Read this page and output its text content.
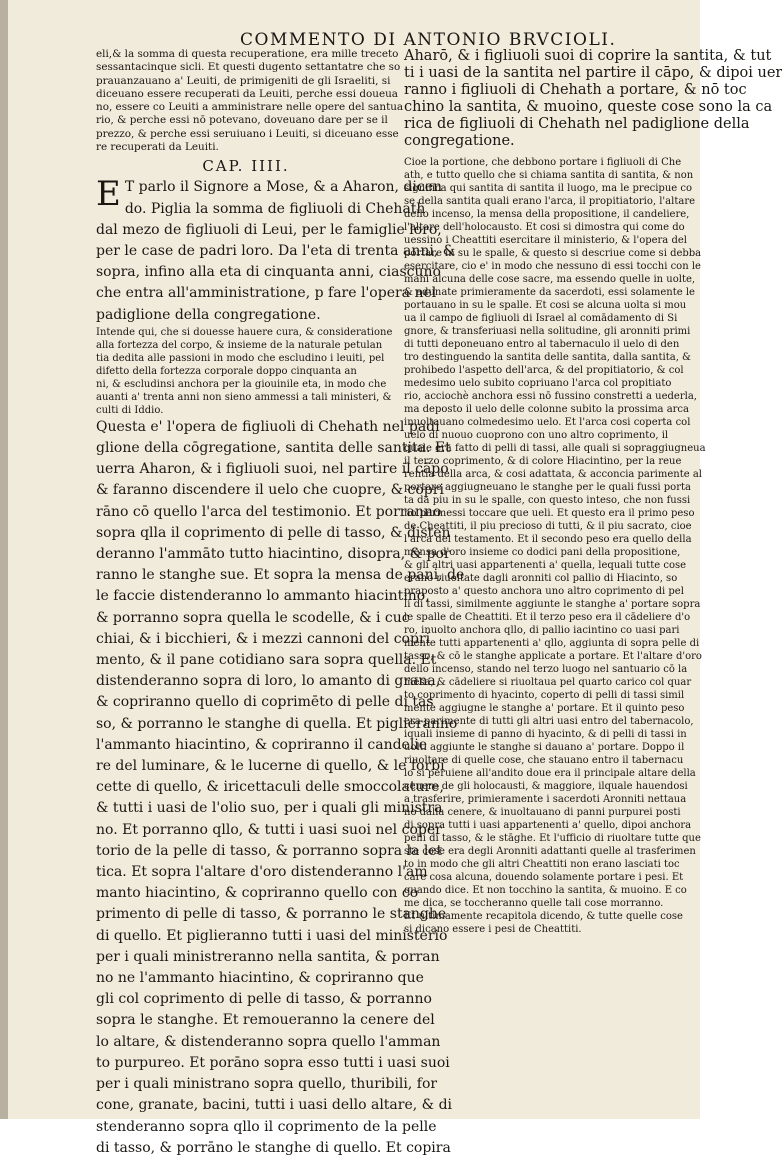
COMMENTO DI ANTONIO BRVCIOLI.
eli,& la somma di questa recuperatione, era mille treceto
sessantacinque sicli. Et questi dugento settantatre che so
prauanzauano a' Leuiti, de primigeniti de gli Israeliti, si
diceuano essere recuperati da Leuiti, perche essi doueua
no, essere co Leuiti a amministrare nelle opere del santua
rio, & perche essi nō potevano, doveuano dare per se il
prezzo, & perche essi seruiuano i Leuiti, si diceuano esse
re recuperati da Leuiti.
CAP. IIII.
E T parlo il Signore a Mose, & a Aharon, dicen
do. Piglia la somma de figliuoli di Chehath
dal mezo de figliuoli di Leui, per le famiglie loro,
per le case de padri loro. Da l'eta di trenta anni, &
sopra, infino alla eta di cinquanta anni, ciascuno
che entra all'amministratione, p fare l'opera nel
padiglione della congregatione.
Intende qui, che si douesse hauere cura, & consideratione
alla fortezza del corpo, & insieme de la naturale petulan
tia dedita alle passioni in modo che escludino i leuiti, pel
difetto della fortezza corporale doppo cinquanta an
ni, & escludinsi anchora per la giouinile eta, in modo che
auanti a' trenta anni non sieno ammessi a tali ministeri, &
culti di Iddio.
Questa e' l'opera de figliuoli di Chehath nel padi
glione della cōgregatione, santita delle santita. Et
uerra Aharon, & i figliuoli suoi, nel partire il cāpo
& faranno discendere il uelo che cuopre, & copri
rāno cō quello l'arca del testimonio. Et porranno
sopra qlla il coprimento di pelle di tasso, & disten
deranno l'ammāto tutto hiacintino, disopra, & por
ranno le stanghe sue. Et sopra la mensa de pani, de
le faccie distenderanno lo ammanto hiacintino,
& porranno sopra quella le scodelle, & i cuc
chiai, & i bicchieri, & i mezzi cannoni del copri
mento, & il pane cotidiano sara sopra quella. Et
distenderanno sopra di loro, lo amanto di grana,
& copriranno quello di coprimēto di pelle di tas
so, & porranno le stanghe di quella. Et piglieranno
l'ammanto hiacintino, & copriranno il candelie
re del luminare, & le lucerne di quello, & le forbi
cette di quello, & iricettaculi delle smoccolature,
& tutti i uasi de l'olio suo, per i quali gli ministra
no. Et porranno qllo, & tutti i uasi suoi nel coper
torio de la pelle di tasso, & porranno sopra la let
tica. Et sopra l'altare d'oro distenderanno l'am
manto hiacintino, & copriranno quello con co
primento di pelle di tasso, & porranno le stanghe
di quello. Et piglieranno tutti i uasi del ministerio
per i quali ministreranno nella santita, & porran
no ne l'ammanto hiacintino, & copriranno que
gli col coprimento di pelle di tasso, & porranno
sopra le stanghe. Et remoueranno la cenere del
lo altare, & distenderanno sopra quello l'amman
to purpureo. Et porāno sopra esso tutti i uasi suoi
per i quali ministrano sopra quello, thuribili, for
cone, granate, bacini, tutti i uasi dello altare, & di
stenderanno sopra qllo il coprimento de la pelle
di tasso, & porrāno le stanghe di quello. Et copira
Aharō, & i figliuoli suoi di coprire la santita, & tut
ti i uasi de la santita nel partire il cāpo, & dipoi uer
ranno i figliuoli di Chehath a portare, & nō toc
chino la santita, & muoino, queste cose sono la ca
rica de figliuoli di Chehath nel padiglione della
congregatione.
Cioe la portione, che debbono portare i figliuoli di Che
ath, e tutto quello che si chiama santita di santita, & non
significa qui santita di santita il luogo, ma le precipue co
se della santita quali erano l'arca, il propitiatorio, l'altare
dello incenso, la mensa della propositione, il candeliere,
l'altare dell'holocausto. Et cosi si dimostra qui come do
uessino i Cheattiti esercitare il ministerio, & l'opera del
portare in su le spalle, & questo si descriue come si debba
esercitare, cio e' in modo che nessuno di essi tocchi con le
mani alcuna delle cose sacre, ma essendo quelle in uolte,
& adunate primieramente da sacerdoti, essi solamente le
portauano in su le spalle. Et cosi se alcuna uolta si mou
ua il campo de figliuoli di Israel al comādamento di Si
gnore, & transferiuasi nella solitudine, gli aronniti primi
di tutti deponeuano entro al tabernaculo il uelo di den
tro destinguendo la santita delle santita, dalla santita, &
prohibedo l'aspetto dell'arca, & del propitiatorio, & col
medesimo uelo subito copriuano l'arca col propitiato
rio, acciochè anchora essi nō fussino constretti a uederla,
ma deposto il uelo delle colonne subito la prossima arca
inuoltauano colmedesimo uelo. Et l'arca cosi coperta col
uelo di nuouo cuoprono con uno altro coprimento, il
quale era fatto di pelli di tassi, alle quali si sopraggiugneua
il terzo coprimento, & di colore Hiacintino, per la reue
rentia della arca, & cosi adattata, & acconcia parimente al
portare aggiugneuano le stanghe per le quali fussi porta
ta da piu in su le spalle, con questo inteso, che non fussi
no permessi toccare que ueli. Et questo era il primo peso
de Cheattiti, il piu precioso di tutti, & il piu sacrato, cioe
l'arca del testamento. Et il secondo peso era quello della
mensa d'oro insieme co dodici pani della propositione,
& gli altri uasi appartenenti a' quella, lequali tutte cose
erano riuoltate dagli aronniti col pallio di Hiacinto, so
praposto a' questo anchora uno altro coprimento di pel
li di tassi, similmente aggiunte le stanghe a' portare sopra
le spalle de Cheattiti. Et il terzo peso era il cādeliere d'o
ro, inuolto anchora qllo, di pallio iacintino co uasi pari
mente tutti appartenenti a' qllo, aggiunta di sopra pelle di
tasso, & cō le stanghe applicate a portare. Et l'altare d'oro
dello incenso, stando nel terzo luogo nel santuario cō la
mēsa, & cādeliere si riuoltaua pel quarto carico col quar
to coprimento di hyacinto, coperto di pelli di tassi simil
mente aggiugne le stanghe a' portare. Et il quinto peso
era parimente di tutti gli altri uasi entro del tabernacolo,
iquali insieme di panno di hyacinto, & di pelli di tassi in
uolti aggiunte le stanghe si dauano a' portare. Doppo il
riuoltare di quelle cose, che stauano entro il tabernacu
lo si peruiene all'andito doue era il principale altare della
cenere de gli holocausti, & maggiore, ilquale hauendosi
a trasferire, primieramente i sacerdoti Aronniti nettaua
no dalla cenere, & inuoltauano di panni purpurei posti
di sopra tutti i uasi appartenenti a' quello, dipoi anchora
pelli di tasso, & le stāghe. Et l'ufficio di riuoltare tutte que
ste cose era degli Aronniti adattanti quelle al trasferimen
to in modo che gli altri Cheattiti non erano lasciati toc
care cosa alcuna, douendo solamente portare i pesi. Et
quando dice. Et non tocchino la santita, & muoino. E co
me dica, se toccheranno quelle tali cose morranno.
Et ultimamente recapitola dicendo, & tutte quelle cose
si dicano essere i pesi de Cheattiti.
